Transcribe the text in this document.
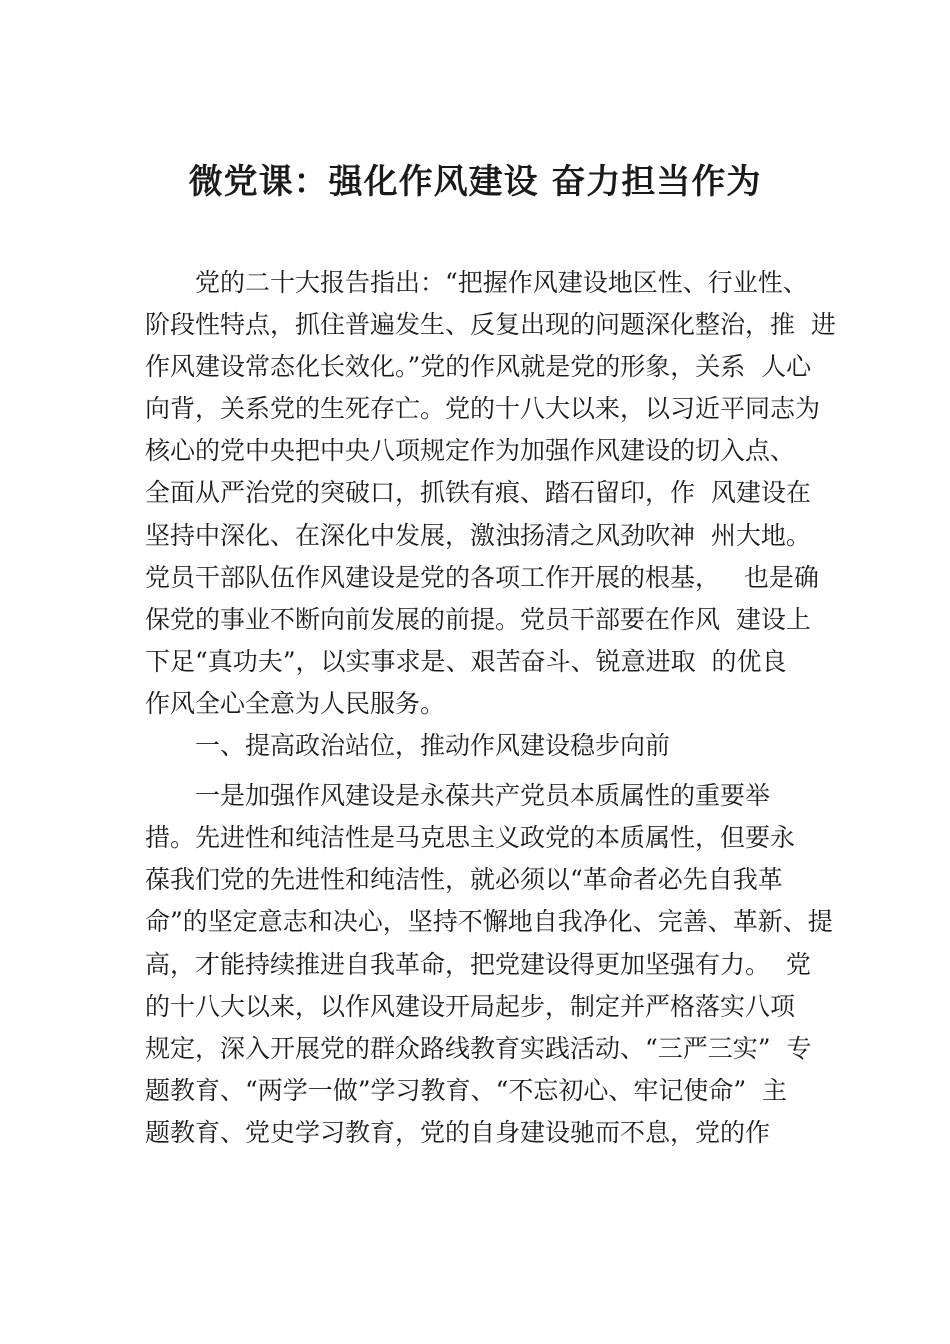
微党课：强化作风建设 奋力担当作为
党的二十大报告指出：“把握作风建设地区性、行业性、
阶段性特点，抓住普遍发生、反复出现的问题深化整治，推  进
作风建设常态化长效化。”党的作风就是党的形象，关系  人心
向背，关系党的生死存亡。党的十八大以来，以习近平同志为
核心的党中央把中央八项规定作为加强作风建设的切入点、
全面从严治党的突破口，抓铁有痕、踏石留印，作  风建设在
坚持中深化、在深化中发展，激浊扬清之风劲吹神  州大地。
党员干部队伍作风建设是党的各项工作开展的根基，   也是确
保党的事业不断向前发展的前提。党员干部要在作风  建设上
下足“真功夫”，以实事求是、艰苦奋斗、锐意进取  的优良
作风全心全意为人民服务。
一、提高政治站位，推动作风建设稳步向前
一是加强作风建设是永葆共产党员本质属性的重要举
措。先进性和纯洁性是马克思主义政党的本质属性，但要永
葆我们党的先进性和纯洁性，就必须以“革命者必先自我革
命”的坚定意志和决心，坚持不懈地自我净化、完善、革新、提
高，才能持续推进自我革命，把党建设得更加坚强有力。  党
的十八大以来，以作风建设开局起步，制定并严格落实八项
规定，深入开展党的群众路线教育实践活动、“三严三实”  专
题教育、“两学一做”学习教育、“不忘初心、牢记使命”  主
题教育、党史学习教育，党的自身建设驰而不息，党的作
